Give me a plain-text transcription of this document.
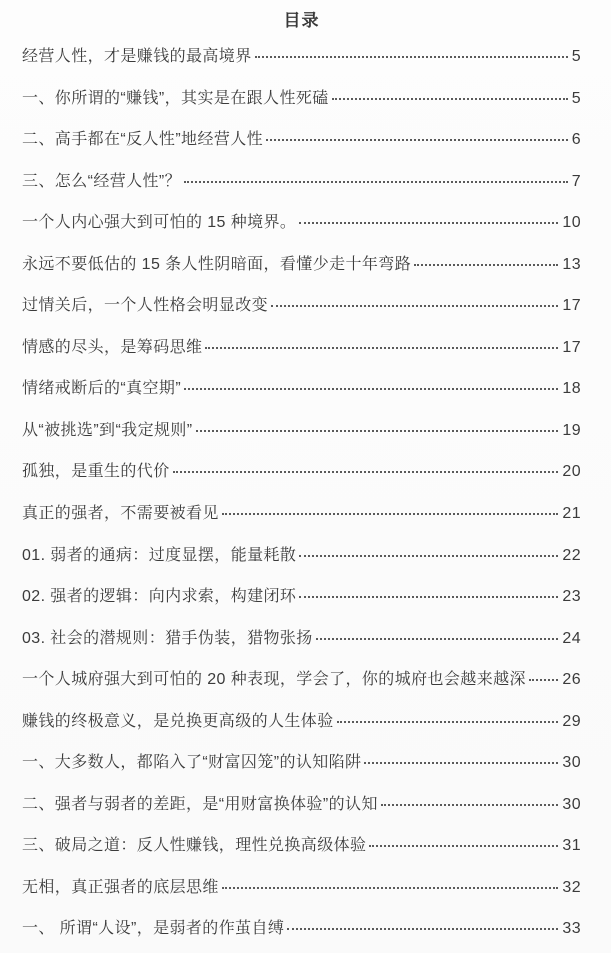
目录
经营人性，才是赚钱的最高境界	5
一、你所谓的“赚钱”，其实是在跟人性死磕	5
二、高手都在“反人性”地经营人性	6
三、怎么“经营人性”？	7
一个人内心强大到可怕的 15 种境界。	10
永远不要低估的 15 条人性阴暗面，看懂少走十年弯路	13
过情关后，一个人性格会明显改变	17
情感的尽头，是筹码思维	17
情绪戒断后的“真空期”	18
从“被挑选”到“我定规则”	19
孤独，是重生的代价	20
真正的强者，不需要被看见	21
01. 弱者的通病：过度显摆，能量耗散	22
02. 强者的逻辑：向内求索，构建闭环	23
03. 社会的潜规则：猎手伪装，猎物张扬	24
一个人城府强大到可怕的 20 种表现，学会了，你的城府也会越来越深 26
赚钱的终极意义，是兑换更高级的人生体验	29
一、大多数人，都陷入了“财富囚笼”的认知陷阱	30
二、强者与弱者的差距，是“用财富换体验”的认知	30
三、破局之道：反人性赚钱，理性兑换高级体验	31
无相，真正强者的底层思维	32
一、 所谓“人设”，是弱者的作茧自缚	33
